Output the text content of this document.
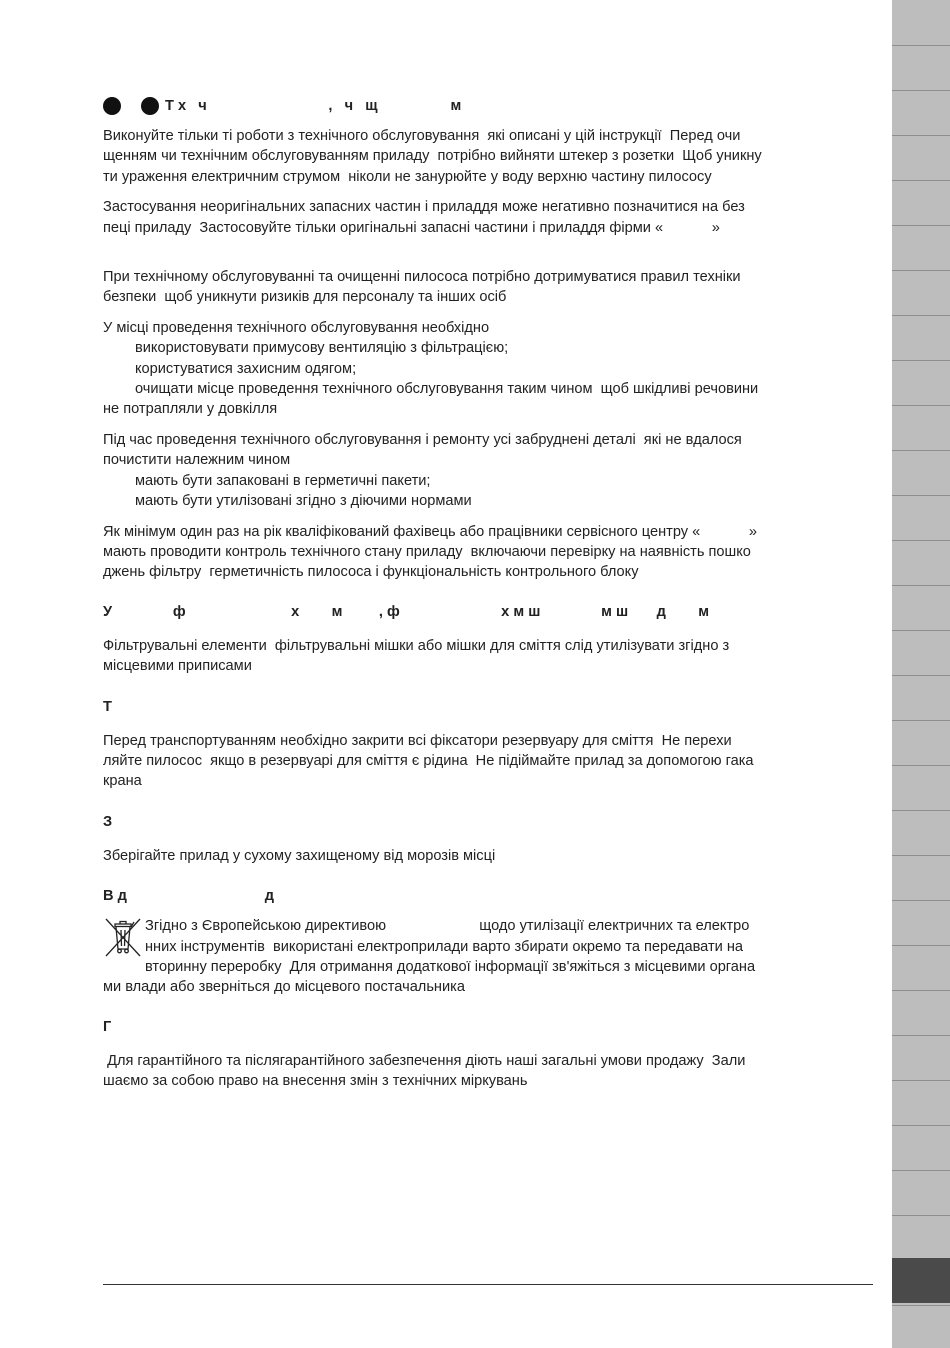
Т х   ч                              ,   ч   щ                  м

Виконуйте тільки ті роботи з технічного обслуговування  які описані у цій інструкції  Перед очи
щенням чи технічним обслуговуванням приладу  потрібно вийняти штекер з розетки  Щоб уникну
ти ураження електричним струмом  ніколи не занурюйте у воду верхню частину пилососу

Застосування неоригінальних запасних частин і приладдя може негативно позначитися на без
пеці приладу  Застосовуйте тільки оригінальні запасні частини і приладдя фірми «            »

При технічному обслуговуванні та очищенні пилососа потрібно дотримуватися правил техніки
безпеки  щоб уникнути ризиків для персоналу та інших осіб

У місці проведення технічного обслуговування необхідно

використовувати примусову вентиляцію з фільтрацією;

користуватися захисним одягом;

очищати місце проведення технічного обслуговування таким чином  щоб шкідливі речовини

не потрапляли у довкілля

Під час проведення технічного обслуговування і ремонту усі забруднені деталі  які не вдалося
почистити належним чином

мають бути запаковані в герметичні пакети;

мають бути утилізовані згідно з діючими нормами

Як мінімум один раз на рік кваліфікований фахівець або працівники сервісного центру «            »
мають проводити контроль технічного стану приладу  включаючи перевірку на наявність пошко
джень фільтру  герметичність пилососа і функціональність контрольного блоку

У               ф                          х        м         , ф                         х м ш               м ш       д        м

Фільтрувальні елементи  фільтрувальні мішки або мішки для сміття слід утилізувати згідно з
місцевими приписами

Т

Перед транспортуванням необхідно закрити всі фіксатори резервуару для сміття  Не перехи
ляйте пилосос  якщо в резервуарі для сміття є рідина  Не підіймайте прилад за допомогою гака
крана

З

Зберігайте прилад у сухому захищеному від морозів місці

В д                                  д

Згідно з Європейською директивою                       щодо утилізації електричних та електро

нних інструментів  використані електроприлади варто збирати окремо та передавати на

вторинну переробку  Для отримання додаткової інформації зв'яжіться з місцевими органа

ми влади або зверніться до місцевого постачальника

Г

Для гарантійного та післягарантійного забезпечення діють наші загальні умови продажу  Зали
шаємо за собою право на внесення змін з технічних міркувань
